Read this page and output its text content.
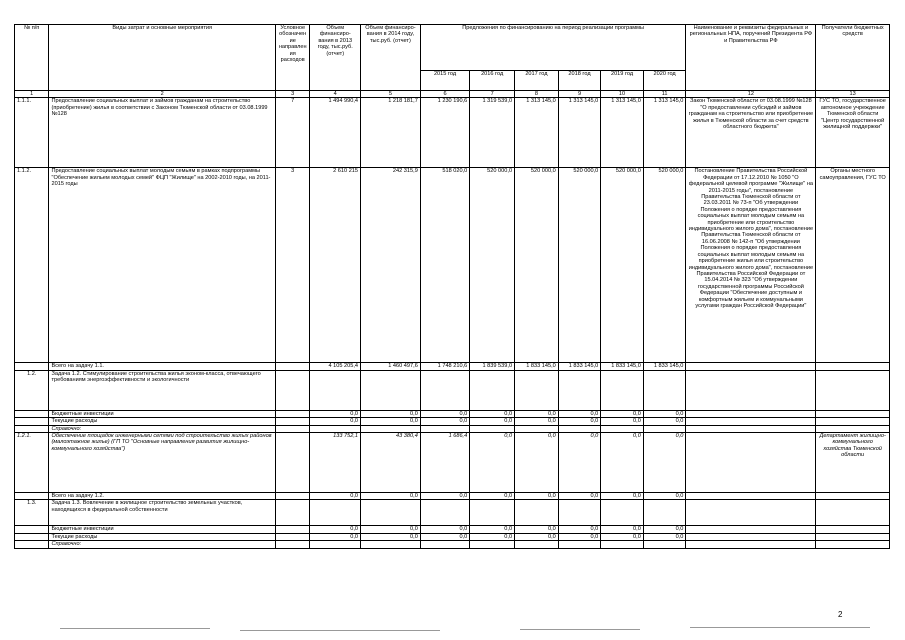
№ п/п	Виды затрат и основные мероприятия	Условное обозначен ие направлен ия расходов	Объем финансиро- вания в 2013 году, тыс.руб. (отчет)	Объем финансиро- вания в 2014 году, тыс.руб. (отчет)	Предложения по финансированию на период реализации программы						Наименование и реквизиты федеральных и региональных НПА, поручений Президента РФ и Правительства РФ	Получатели бюджетных средств
					2015 год	2016 год	2017 год	2018 год	2019 год	2020 год		
1	2	3	4	5	6	7	8	9	10	11	12	13
1.1.1.	Предоставление социальных выплат и займов гражданам на строительство (приобретение) жилья в соответствии с Законом Тюменской области от 03.08.1999 №128	7	1 494 990,4	1 218 181,7	1 230 190,6	1 319 539,0	1 313 145,0	1 313 145,0	1 313 145,0	1 313 145,0	Закон Тюменской области от 03.08.1999 №128 "О предоставлении субсидий и займов гражданам на строительство или приобретение жилья в Тюменской области за счет средств областного бюджета"	ГУС ТО, государственное автономное учреждение Тюменской области "Центр государственной жилищной поддержки"
1.1.2.	Предоставление социальных выплат молодым семьям в рамках подпрограммы "Обеспечение жильем молодых семей" ФЦП "Жилище" на 2002-2010 годы, на 2011-2015 годы	3	2 610 215	242 315,9	518 020,0	520 000,0	520 000,0	520 000,0	520 000,0	520 000,0	Постановление Правительства Российской Федерации от 17.12.2010 № 1050 "О федеральной целевой программе "Жилище" на 2011-2015 годы", постановление Правительства Тюменской области от 23.03.2011 № 73-п "Об утверждении Положения о порядке предоставления социальных выплат молодым семьям на приобретение или строительство индивидуального жилого дома", постановление Правительства Тюменской области от 16.06.2008 № 142-п "Об утверждении Положения о порядке предоставления социальных выплат молодым семьям на приобретение жилья или строительство индивидуального жилого дома", постановление Правительства Российской Федерации от 15.04.2014 № 323 "Об утверждении государственной программы Российской Федерации "Обеспечение доступным и комфортным жильем и коммунальными услугами граждан Российской Федерации"	Органы местного самоуправления, ГУС ТО
	Всего на задачу 1.1.		4 105 205,4	1 460 497,6	1 748 210,6	1 839 539,0	1 833 145,0	1 833 145,0	1 833 145,0	1 833 145,0		
1.2.	Задача 1.2. Стимулирование строительства жилья эконом-класса, отвечающего требованиям энергоэффективности и экологичности											
	Бюджетные инвестиции		0,0	0,0	0,0	0,0	0,0	0,0	0,0	0,0		
	Текущие расходы		0,0	0,0	0,0	0,0	0,0	0,0	0,0	0,0		
	Справочно:											
1.2.1.	Обеспечение площадок инженерными сетями под строительство жилых районов (малоэтажное жилье) (ГП ТО "Основные направления развития жилищно-коммунального хозяйства")		133 752,1	43 380,4	1 686,4	0,0	0,0	0,0	0,0	0,0		Департамент жилищно-коммунального хозяйства Тюменской области
	Всего на задачу 1.2.		0,0	0,0	0,0	0,0	0,0	0,0	0,0	0,0		
1.3.	Задача 1.3. Вовлечение в жилищное строительство земельных участков, находящихся в федеральной собственности											
	Бюджетные инвестиции		0,0	0,0	0,0	0,0	0,0	0,0	0,0	0,0		
	Текущие расходы		0,0	0,0	0,0	0,0	0,0	0,0	0,0	0,0		
	Справочно:											
2
